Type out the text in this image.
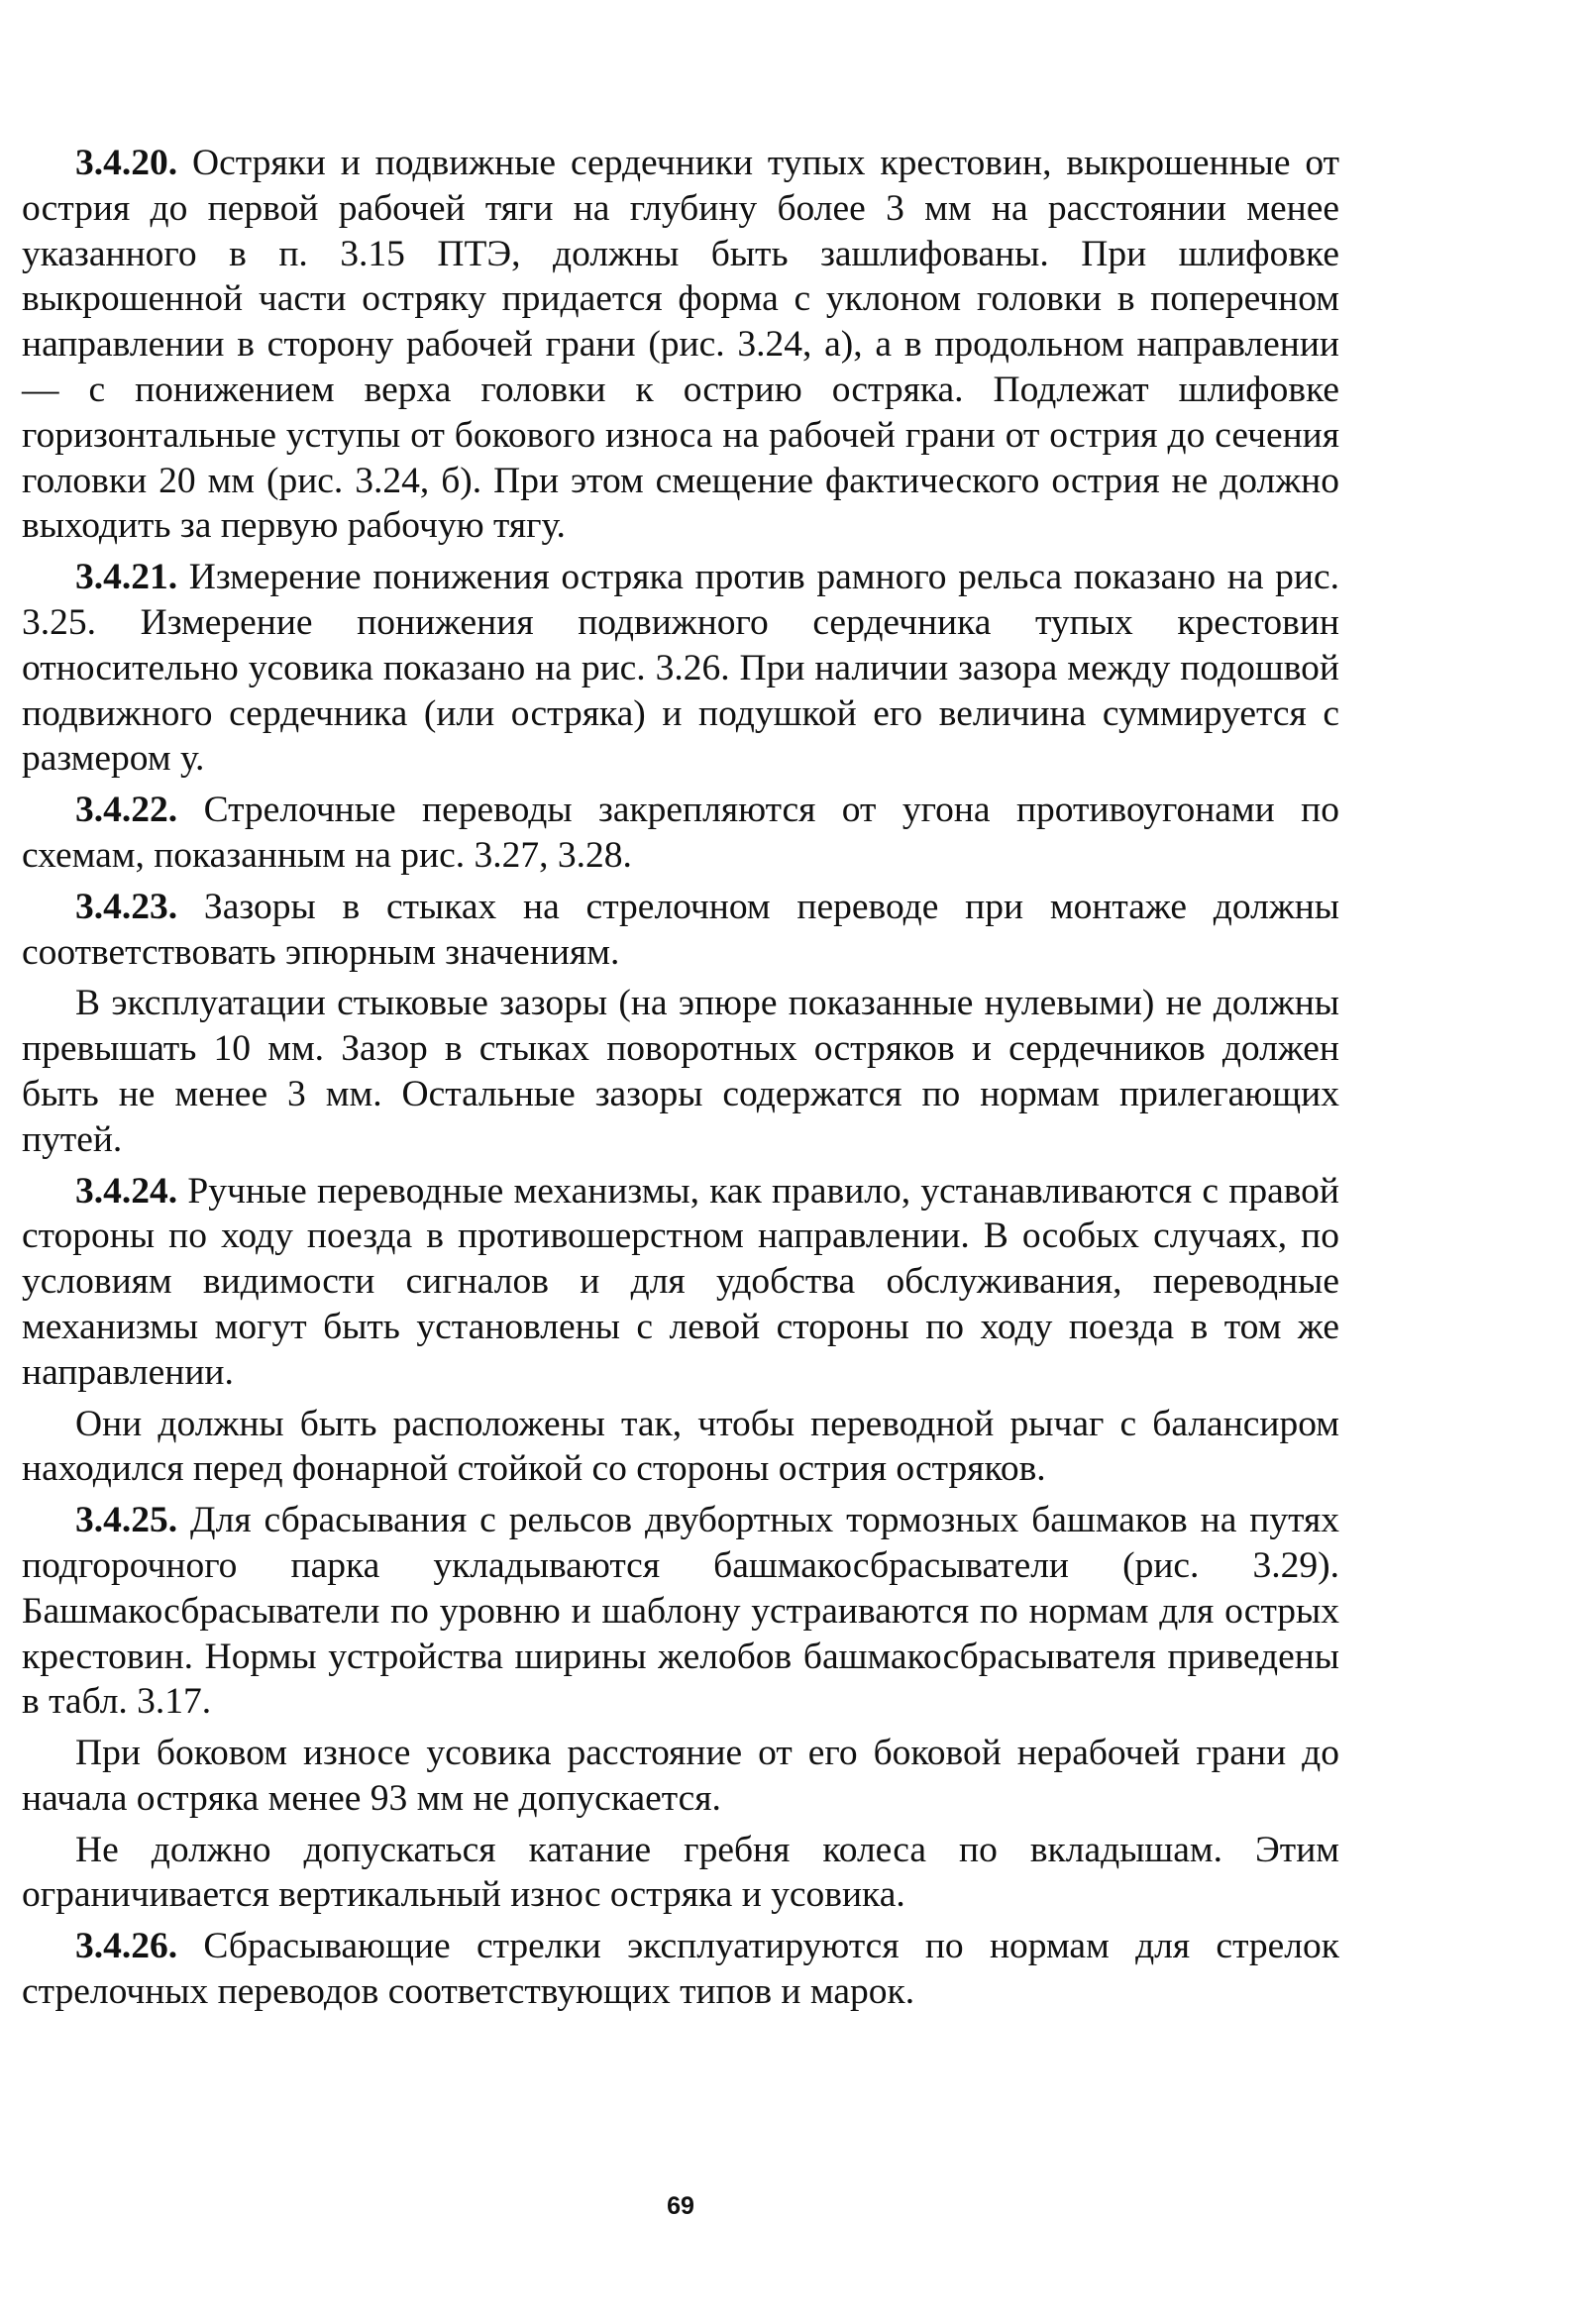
3.4.20. Остряки и подвижные сердечники тупых крестовин, выкрошенные от острия до первой рабочей тяги на глубину более 3 мм на расстоянии менее указанного в п. 3.15 ПТЭ, должны быть зашлифованы. При шлифовке выкрошенной части остряку придается форма с уклоном головки в поперечном направлении в сторону рабочей грани (рис. 3.24, а), а в продольном направлении — с понижением верха головки к острию остряка. Подлежат шлифовке горизонтальные уступы от бокового износа на рабочей грани от острия до сечения головки 20 мм (рис. 3.24, б). При этом смещение фактического острия не должно выходить за первую рабочую тягу.

3.4.21. Измерение понижения остряка против рамного рельса показано на рис. 3.25. Измерение понижения подвижного сердечника тупых крестовин относительно усовика показано на рис. 3.26. При наличии зазора между подошвой подвижного сердечника (или остряка) и подушкой его величина суммируется с размером у.

3.4.22. Стрелочные переводы закрепляются от угона противоугонами по схемам, показанным на рис. 3.27, 3.28.

3.4.23. Зазоры в стыках на стрелочном переводе при монтаже должны соответствовать эпюрным значениям.

В эксплуатации стыковые зазоры (на эпюре показанные нулевыми) не должны превышать 10 мм. Зазор в стыках поворотных остряков и сердечников должен быть не менее 3 мм. Остальные зазоры содержатся по нормам прилегающих путей.

3.4.24. Ручные переводные механизмы, как правило, устанавливаются с правой стороны по ходу поезда в противошерстном направлении. В особых случаях, по условиям видимости сигналов и для удобства обслуживания, переводные механизмы могут быть установлены с левой стороны по ходу поезда в том же направлении.

Они должны быть расположены так, чтобы переводной рычаг с балансиром находился перед фонарной стойкой со стороны острия остряков.

3.4.25. Для сбрасывания с рельсов двубортных тормозных башмаков на путях подгорочного парка укладываются башмакосбрасыватели (рис. 3.29). Башмакосбрасыватели по уровню и шаблону устраиваются по нормам для острых крестовин. Нормы устройства ширины желобов башмакосбрасывателя приведены в табл. 3.17.

При боковом износе усовика расстояние от его боковой нерабочей грани до начала остряка менее 93 мм не допускается.

Не должно допускаться катание гребня колеса по вкладышам. Этим ограничивается вертикальный износ остряка и усовика.

3.4.26. Сбрасывающие стрелки эксплуатируются по нормам для стрелок стрелочных переводов соответствующих типов и марок.

69
